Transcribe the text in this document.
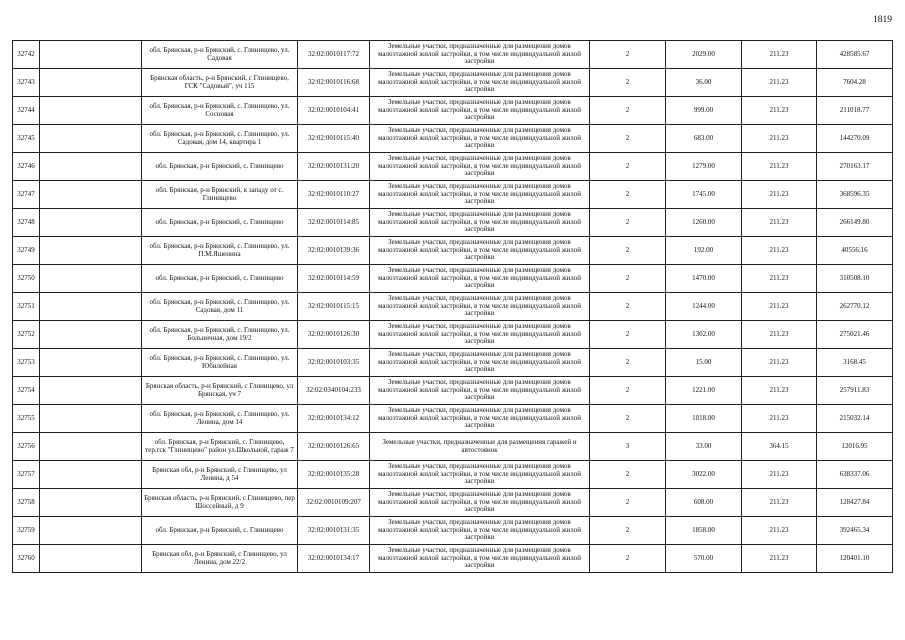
1819
32742		обл. Брянская, р-н Брянский, с. Глинищево, ул. Садовая	32:02:0010117:72	Земельные участки, предназначенные для размещения домов малоэтажной жилой застройки, в том числе индивидуальной жилой застройки	2	2029.00	211.23	428585.67
32743		Брянская область, р-н Брянский, с Глинищево, ГСК "Садовый", уч 115	32:02:0010116:68	Земельные участки, предназначенные для размещения домов малоэтажной жилой застройки, в том числе индивидуальной жилой застройки	2	36.00	211.23	7604.28
32744		обл. Брянская, р-н Брянский, с. Глинищево, ул. Сосновая	32:02:0010104:41	Земельные участки, предназначенные для размещения домов малоэтажной жилой застройки, в том числе индивидуальной жилой застройки	2	999.00	211.23	211018.77
32745		обл. Брянская, р-н Брянский, с. Глинищево, ул. Садовая, дом 14, квартира 1	32:02:0010115:40	Земельные участки, предназначенные для размещения домов малоэтажной жилой застройки, в том числе индивидуальной жилой застройки	2	683.00	211.23	144270.09
32746		обл. Брянская, р-н Брянский, с. Глинищево	32:02:0010131:20	Земельные участки, предназначенные для размещения домов малоэтажной жилой застройки, в том числе индивидуальной жилой застройки	2	1279.00	211.23	270163.17
32747		обл. Брянская, р-н Брянский, к западу от с. Глинищево	32:02:0010110:27	Земельные участки, предназначенные для размещения домов малоэтажной жилой застройки, в том числе индивидуальной жилой застройки	2	1745.00	211.23	368596.35
32748		обл. Брянская, р-н Брянский, с. Глинищево	32:02:0010114:85	Земельные участки, предназначенные для размещения домов малоэтажной жилой застройки, в том числе индивидуальной жилой застройки	2	1260.00	211.23	266149.80
32749		обл. Брянская, р-н Брянский, с. Глинищево, ул. П.М.Яшенина	32:02:0010139:36	Земельные участки, предназначенные для размещения домов малоэтажной жилой застройки, в том числе индивидуальной жилой застройки	2	192.00	211.23	40556.16
32750		обл. Брянская, р-н Брянский, с. Глинищево	32:02:0010114:59	Земельные участки, предназначенные для размещения домов малоэтажной жилой застройки, в том числе индивидуальной жилой застройки	2	1470.00	211.23	310508.10
32751		обл. Брянская, р-н Брянский, с. Глинищево, ул. Садовая, дом 11	32:02:0010115:15	Земельные участки, предназначенные для размещения домов малоэтажной жилой застройки, в том числе индивидуальной жилой застройки	2	1244.00	211.23	262770.12
32752		обл. Брянская, р-н Брянский, с. Глинищево, ул. Больничная, дом 19/2	32:02:0010126:30	Земельные участки, предназначенные для размещения домов малоэтажной жилой застройки, в том числе индивидуальной жилой застройки	2	1302.00	211.23	275021.46
32753		обл. Брянская, р-н Брянский, с. Глинищево, ул. Юбилейная	32:02:0010103:35	Земельные участки, предназначенные для размещения домов малоэтажной жилой застройки, в том числе индивидуальной жилой застройки	2	15.00	211.23	3168.45
32754		Брянская область, р-н Брянский, с Глинищево, ул Брянская, уч 7	32:02:0340104:233	Земельные участки, предназначенные для размещения домов малоэтажной жилой застройки, в том числе индивидуальной жилой застройки	2	1221.00	211.23	257911.83
32755		обл. Брянская, р-н Брянский, с. Глинищево, ул. Ленина, дом 14	32:02:0010134:12	Земельные участки, предназначенные для размещения домов малоэтажной жилой застройки, в том числе индивидуальной жилой застройки	2	1018.00	211.23	215032.14
32756		обл. Брянская, р-н Брянский, с. Глинищево, тер.гск "Глинищево" район ул.Школьной, гараж 7	32:02:0010126:65	Земельные участки, предназначенные для размещения гаражей и автостоянок	3	33.00	364.15	12016.95
32757		Брянская обл, р-н Брянский, с Глинищево, ул Ленина, д 54	32:02:0010135:28	Земельные участки, предназначенные для размещения домов малоэтажной жилой застройки, в том числе индивидуальной жилой застройки	2	3022.00	211.23	638337.06
32758		Брянская область, р-н Брянский, с Глинищево, пер Шоссейный, д 9	32:02:0010109:207	Земельные участки, предназначенные для размещения домов малоэтажной жилой застройки, в том числе индивидуальной жилой застройки	2	608.00	211.23	128427.84
32759		обл. Брянская, р-н Брянский, с. Глинищево	32:02:0010131:35	Земельные участки, предназначенные для размещения домов малоэтажной жилой застройки, в том числе индивидуальной жилой застройки	2	1858.00	211.23	392465.34
32760		Брянская обл, р-н Брянский, с Глинищево, ул Ленина, дом 22/2	32:02:0010134:17	Земельные участки, предназначенные для размещения домов малоэтажной жилой застройки, в том числе индивидуальной жилой застройки	2	570.00	211.23	120401.10
